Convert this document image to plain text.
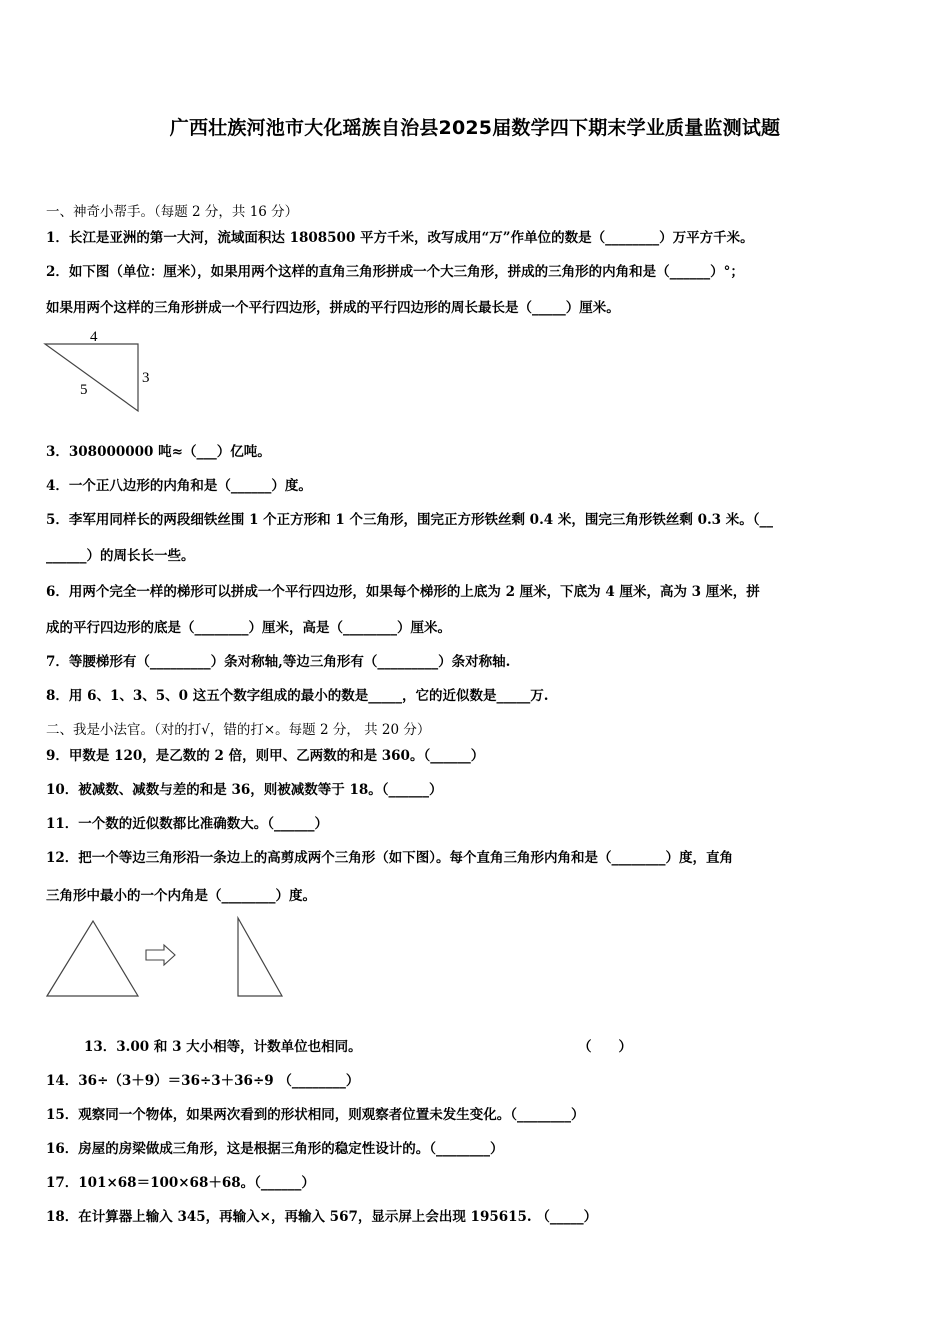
广西壮族河池市大化瑶族自治县2025届数学四下期末学业质量监测试题
一、神奇小帮手。（每题 2 分，共 16 分）
1．长江是亚洲的第一大河，流域面积达 1808500 平方千米，改写成用“万”作单位的数是（________）万平方千米。
2．如下图（单位：厘米），如果用两个这样的直角三角形拼成一个大三角形，拼成的三角形的内角和是（______）°；
如果用两个这样的三角形拼成一个平行四边形，拼成的平行四边形的周长最长是（_____）厘米。
4
5
3
3．308000000 吨≈（___）亿吨。
4．一个正八边形的内角和是（______）度。
5．李军用同样长的两段细铁丝围 1 个正方形和 1 个三角形，围完正方形铁丝剩 0.4 米，围完三角形铁丝剩 0.3 米。（__
______）的周长长一些。
6．用两个完全一样的梯形可以拼成一个平行四边形，如果每个梯形的上底为 2 厘米，下底为 4 厘米，高为 3 厘米，拼
成的平行四边形的底是（________）厘米，高是（________）厘米。
7．等腰梯形有（_________）条对称轴,等边三角形有（_________）条对称轴.
8．用 6、1、3、5、0 这五个数字组成的最小的数是_____，它的近似数是_____万.
二、我是小法官。（对的打√，错的打×。每题 2 分， 共 20 分）
9．甲数是 120，是乙数的 2 倍，则甲、乙两数的和是 360。（______）
10．被减数、减数与差的和是 36，则被减数等于 18。（______）
11．一个数的近似数都比准确数大。（______）
12．把一个等边三角形沿一条边上的高剪成两个三角形（如下图）。每个直角三角形内角和是（________）度，直角
三角形中最小的一个内角是（________）度。
13．3.00 和 3 大小相等，计数单位也相同。	（　　）
14．36÷（3＋9）＝36÷3＋36÷9 （________）
15．观察同一个物体，如果两次看到的形状相同，则观察者位置未发生变化。（________）
16．房屋的房梁做成三角形，这是根据三角形的稳定性设计的。（________）
17．101×68＝100×68＋68。（______）
18．在计算器上输入 345，再输入×，再输入 567，显示屏上会出现 195615. （_____）
